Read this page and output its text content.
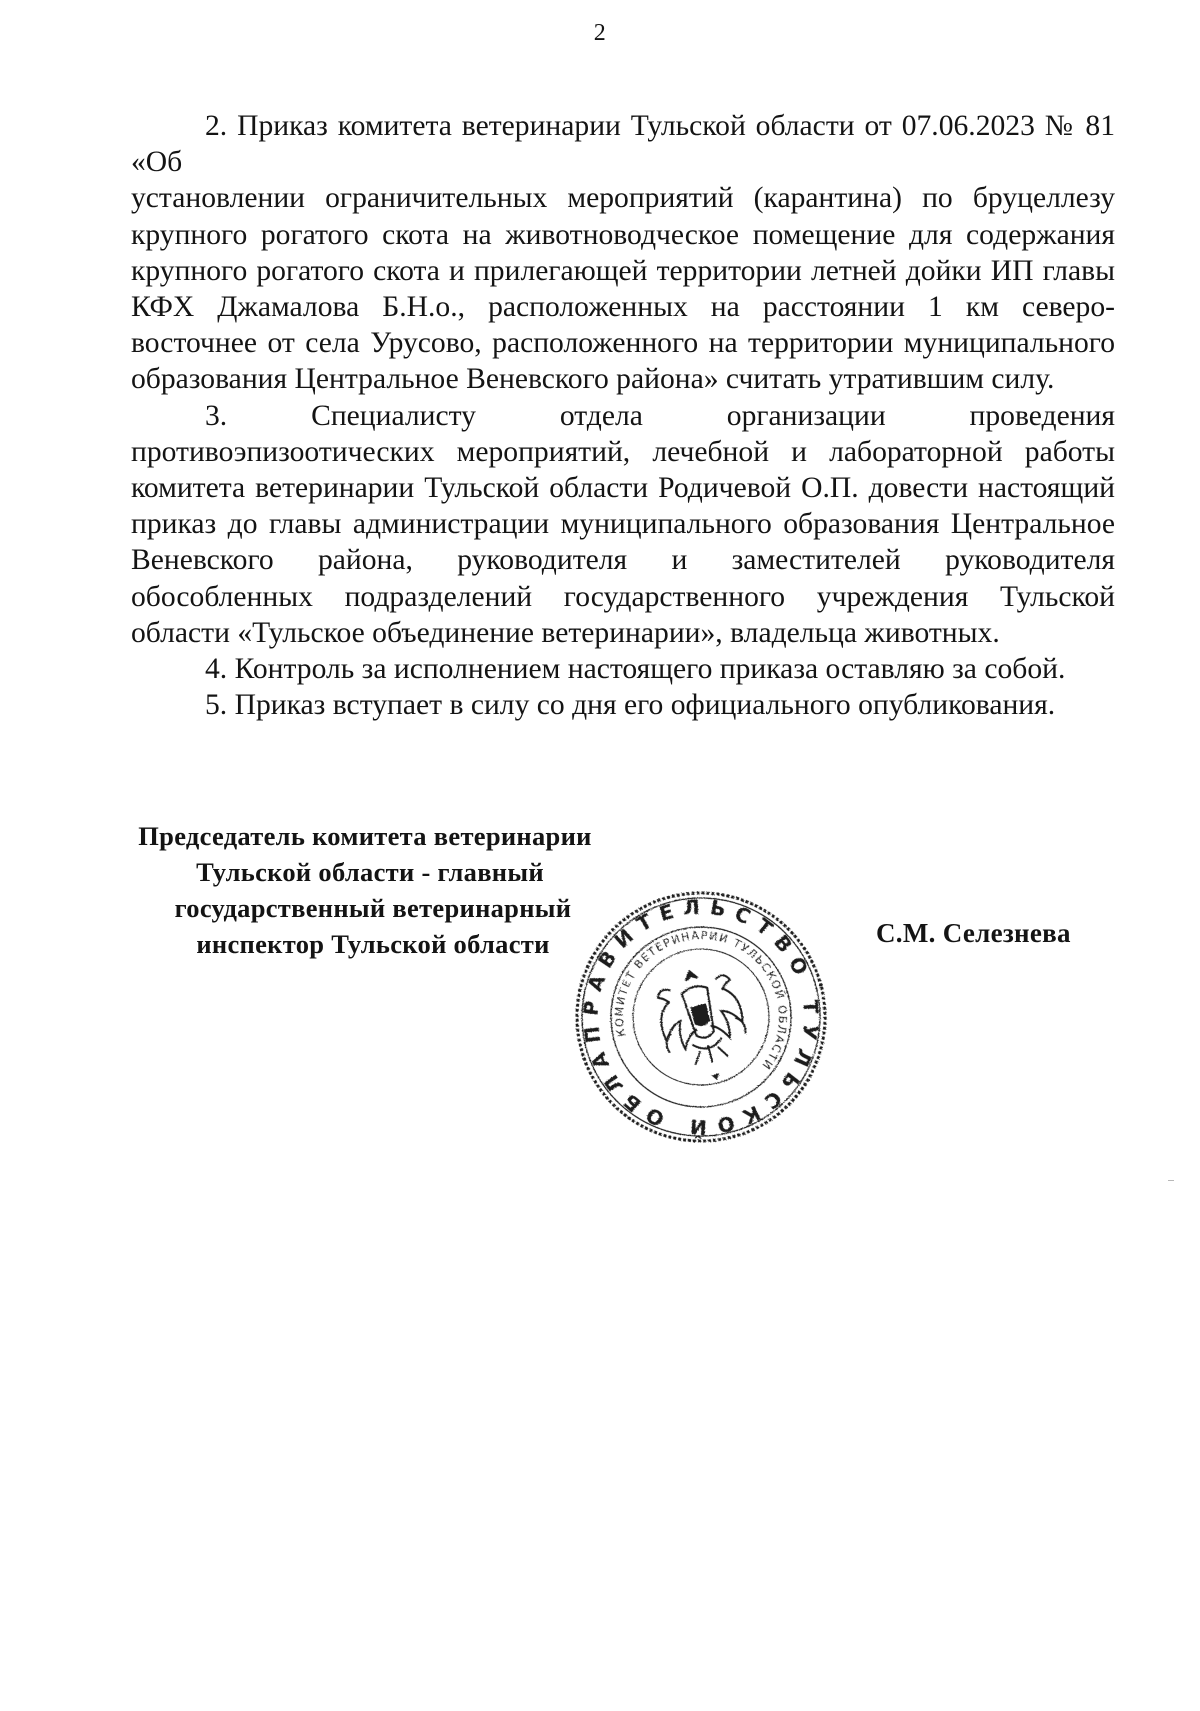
2

2. Приказ комитета ветеринарии Тульской области от 07.06.2023 № 81 «Об

установлении ограничительных мероприятий (карантина) по бруцеллезу крупного рогатого скота на животноводческое помещение для содержания крупного рогатого скота и прилегающей территории летней дойки ИП главы КФХ Джамалова Б.Н.о., расположенных на расстоянии 1 км северо-восточнее от села Урусово, расположенного на территории муниципального образования Центральное Веневского района» считать утратившим силу.

3. Специалисту отдела организации проведения

противоэпизоотических мероприятий, лечебной и лабораторной работы комитета ветеринарии Тульской области Родичевой О.П. довести настоящий приказ до главы администрации муниципального образования Центральное Веневского района, руководителя и заместителей руководителя обособленных подразделений государственного учреждения Тульской области «Тульское объединение ветеринарии», владельца животных.

4. Контроль за исполнением настоящего приказа оставляю за собой.

5. Приказ вступает в силу со дня его официального опубликования.

Председатель комитета ветеринарии
Тульской области - главный
государственный ветеринарный
инспектор Тульской области
ПРАВИТЕЛЬСТВО ТУЛЬСКОЙ ОБЛАСТИ
КОМИТЕТ ВЕТЕРИНАРИИ ТУЛЬСКОЙ ОБЛАСТИ
С.М. Селезнева
